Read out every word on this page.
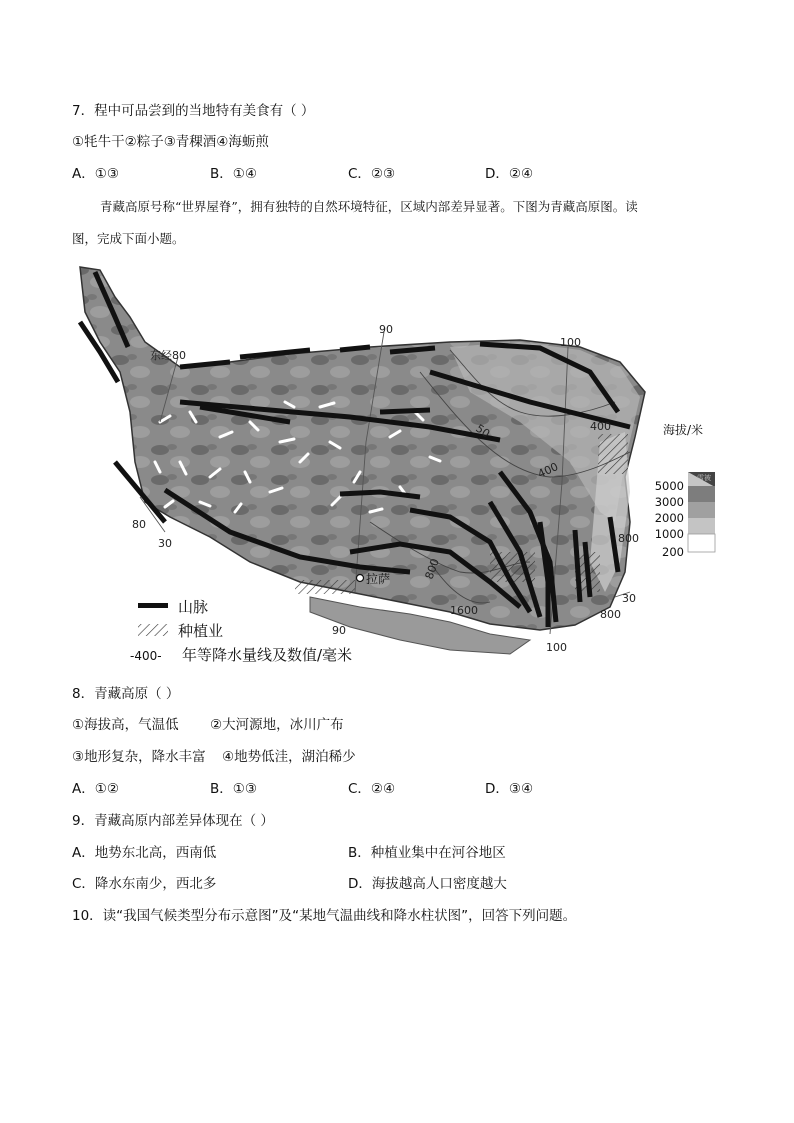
7．程中可品尝到的当地特有美食有（ ）
①牦牛干②粽子③青稞酒④海蛎煎
A．①③	B．①④	C．②③	D．②④
青藏高原号称“世界屋脊”，拥有独特的自然环境特征，区域内部差异显著。下图为青藏高原图。读
图，完成下面小题。
拉萨
东经80
90
100
30
80
30
90
100
50	400
400
800
800
800
1600
海拔/米
雪被
5000
3000
2000
1000
200
山脉
种植业
-400- 年等降水量线及数值/毫米
8．青藏高原（ ）
①海拔高，气温低 ②大河源地，冰川广布
③地形复杂，降水丰富 ④地势低洼，湖泊稀少
A．①②	B．①③	C．②④	D．③④
9．青藏高原内部差异体现在（ ）
A．地势东北高，西南低	B．种植业集中在河谷地区
C．降水东南少，西北多	D．海拔越高人口密度越大
10．读“我国气候类型分布示意图”及“某地气温曲线和降水柱状图”，回答下列问题。
